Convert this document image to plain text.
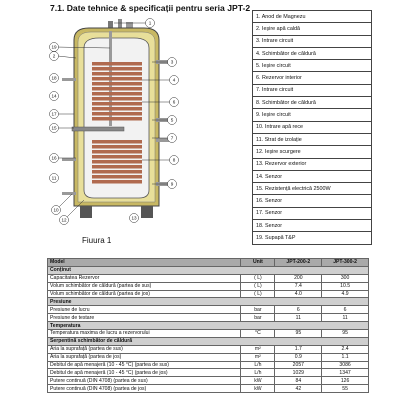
7.1. Date tehnice & specificații pentru seria JPT-2
1
19
3
4
6
5
7
8
9
10
2
12
17
15
16
18
14
11
13
Fiuura 1
1. Anod de Magnezu
2. Ieșire apă caldă
3. Intrare circuit
4. Schimbător de căldură
5. Ieșire circuit
6. Rezervor interior
7. Intrare circuit
8. Schimbător de căldură
9. Ieșire circuit
10. Intrare apă rece
11. Strat de izolație
12. Ieșire scurgere
13. Rezervor exterior
14. Senzor
15. Rezistență electrică 2500W
16. Senzor
17. Senzor
18. Senzor
19. Supapă T&P
Model	Unit	JPT-200-2	JPT-300-2
Conținut			
Capacitatea Rezervor	( L)	200	300
Volum schimbător de căldură (partea de sus)	( L)	7.4	10.5
Volum schimbător de căldură (partea de jos)	( L)	4.0	4.9
Presiune			
Presiune de lucru	bar	6	6
Presiune de testare	bar	11	11
Temperatura			
Temperatura maxima de lucru a rezervorului	°C	95	95
Serpentină schimbător de căldură			
Aria la suprafață (partea de sus)	m²	1.7	2.4
Aria la suprafață (partea de jos)	m²	0.9	1.1
Debitul de apă menajeră (10 - 45 °C) (partea de sus)	L/h	2057	3086
Debitul de apă menajeră (10 - 45 °C) (partea de jos)	L/h	1029	1347
Putere continuă (DIN 4708) (partea de sus)	kW	84	126
Putere continuă (DIN 4708) (partea de jos)	kW	42	55
